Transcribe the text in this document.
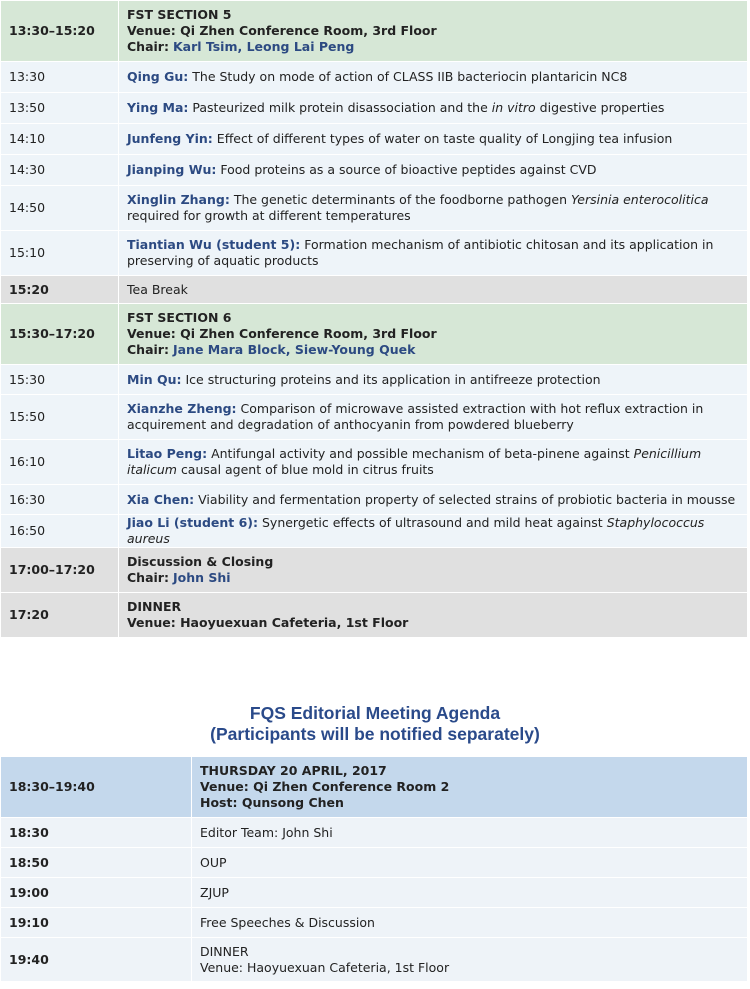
13:30–15:20	FST SECTION 5
Venue: Qi Zhen Conference Room, 3rd Floor
Chair: Karl Tsim, Leong Lai Peng

13:30	Qing Gu: The Study on mode of action of CLASS IIB bacteriocin plantaricin NC8
13:50	Ying Ma: Pasteurized milk protein disassociation and the in vitro digestive properties
14:10	Junfeng Yin: Effect of different types of water on taste quality of Longjing tea infusion
14:30	Jianping Wu: Food proteins as a source of bioactive peptides against CVD
14:50	Xinglin Zhang: The genetic determinants of the foodborne pathogen Yersinia enterocolitica required for growth at different temperatures
15:10	Tiantian Wu (student 5): Formation mechanism of antibiotic chitosan and its application in preserving of aquatic products
15:20	Tea Break
15:30–17:20	FST SECTION 6
Venue: Qi Zhen Conference Room, 3rd Floor
Chair: Jane Mara Block, Siew-Young Quek

15:30	Min Qu: Ice structuring proteins and its application in antifreeze protection
15:50	Xianzhe Zheng: Comparison of microwave assisted extraction with hot reflux extraction in acquirement and degradation of anthocyanin from powdered blueberry
16:10	Litao Peng: Antifungal activity and possible mechanism of beta-pinene against Penicillium italicum causal agent of blue mold in citrus fruits
16:30	Xia Chen: Viability and fermentation property of selected strains of probiotic bacteria in mousse
16:50	Jiao Li (student 6): Synergetic effects of ultrasound and mild heat against Staphylococcus aureus
17:00–17:20	Discussion & Closing
Chair: John Shi

17:20	DINNER
Venue: Haoyuexuan Cafeteria, 1st Floor
FQS Editorial Meeting Agenda
(Participants will be notified separately)
18:30–19:40	THURSDAY 20 APRIL, 2017
Venue: Qi Zhen Conference Room 2
Host: Qunsong Chen

18:30	Editor Team: John Shi
18:50	OUP
19:00	ZJUP
19:10	Free Speeches & Discussion
19:40	DINNER
Venue: Haoyuexuan Cafeteria, 1st Floor
